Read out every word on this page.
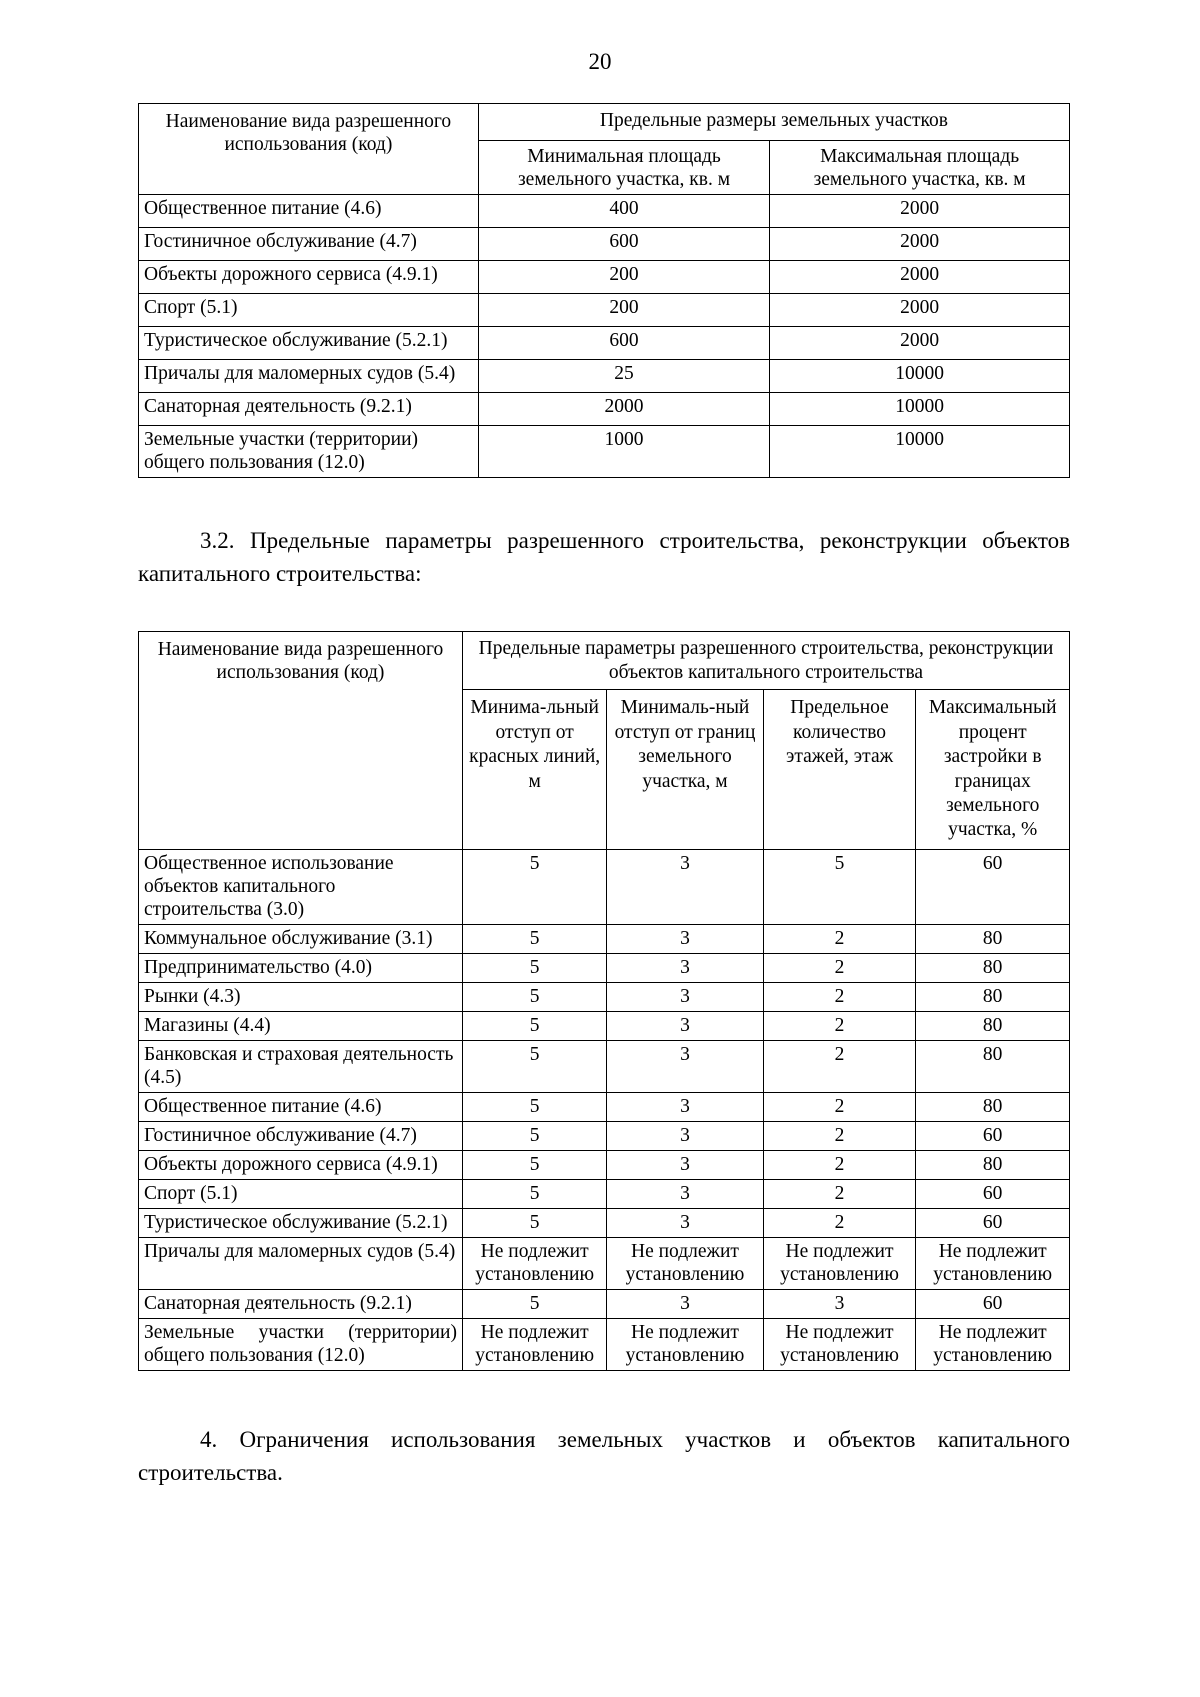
20
Наименование вида разрешенного использования (код)	Предельные размеры земельных участков	
	Минимальная площадь земельного участка, кв. м	Максимальная площадь земельного участка, кв. м
Общественное питание (4.6)	400	2000
Гостиничное обслуживание (4.7)	600	2000
Объекты дорожного сервиса (4.9.1)	200	2000
Спорт (5.1)	200	2000
Туристическое обслуживание (5.2.1)	600	2000
Причалы для маломерных судов (5.4)	25	10000
Санаторная деятельность (9.2.1)	2000	10000
Земельные участки (территории) общего пользования (12.0)	1000	10000

3.2. Предельные параметры разрешенного строительства, реконструкции объектов капитального строительства:

Наименование вида разрешенного использования (код)	Предельные параметры разрешенного строительства, реконструкции объектов капитального строительства			
	Минима-льный отступ от красных линий, м	Минималь-ный отступ от границ земельного участка, м	Предельное количество этажей, этаж	Максимальный процент застройки в границах земельного участка, %
Общественное использование объектов капитального строительства (3.0)	5	3	5	60
Коммунальное обслуживание (3.1)	5	3	2	80
Предпринимательство (4.0)	5	3	2	80
Рынки (4.3)	5	3	2	80
Магазины (4.4)	5	3	2	80
Банковская и страховая деятельность (4.5)	5	3	2	80
Общественное питание (4.6)	5	3	2	80
Гостиничное обслуживание (4.7)	5	3	2	60
Объекты дорожного сервиса (4.9.1)	5	3	2	80
Спорт (5.1)	5	3	2	60
Туристическое обслуживание (5.2.1)	5	3	2	60
Причалы для маломерных судов (5.4)	Не подлежит установлению	Не подлежит установлению	Не подлежит установлению	Не подлежит установлению
Санаторная деятельность (9.2.1)	5	3	3	60
Земельные участки (территории) общего пользования (12.0)	Не подлежит установлению	Не подлежит установлению	Не подлежит установлению	Не подлежит установлению

4. Ограничения использования земельных участков и объектов капитального строительства.
